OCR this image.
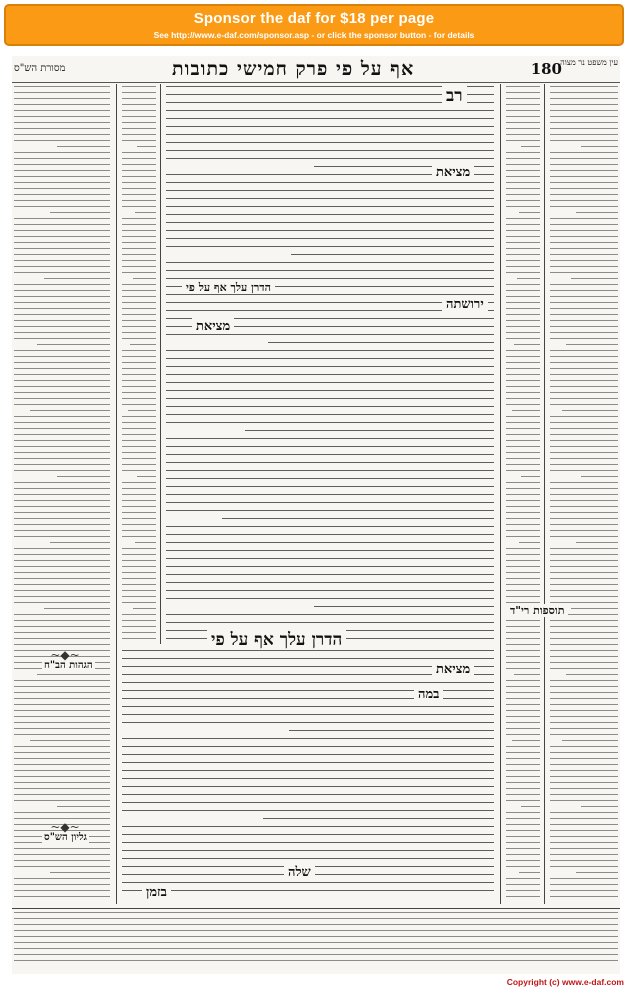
Sponsor the daf for $18 per page
See http://www.e-daf.com/sponsor.asp - or click the sponsor button - for details
180
אף על פי פרק חמישי כתובות
מסורת הש"ס
עין משפט נר מצוה
רב
מציאת
ירושתה
הדרן עלך אף על פי
מציאת
הדרן עלך אף על פי
מציאת
תוספות רי"ד
במה
שלה
בזמן
הגהות הב"ח
גליון הש"ס
~◆~
~◆~
Copyright (c) www.e-daf.com
